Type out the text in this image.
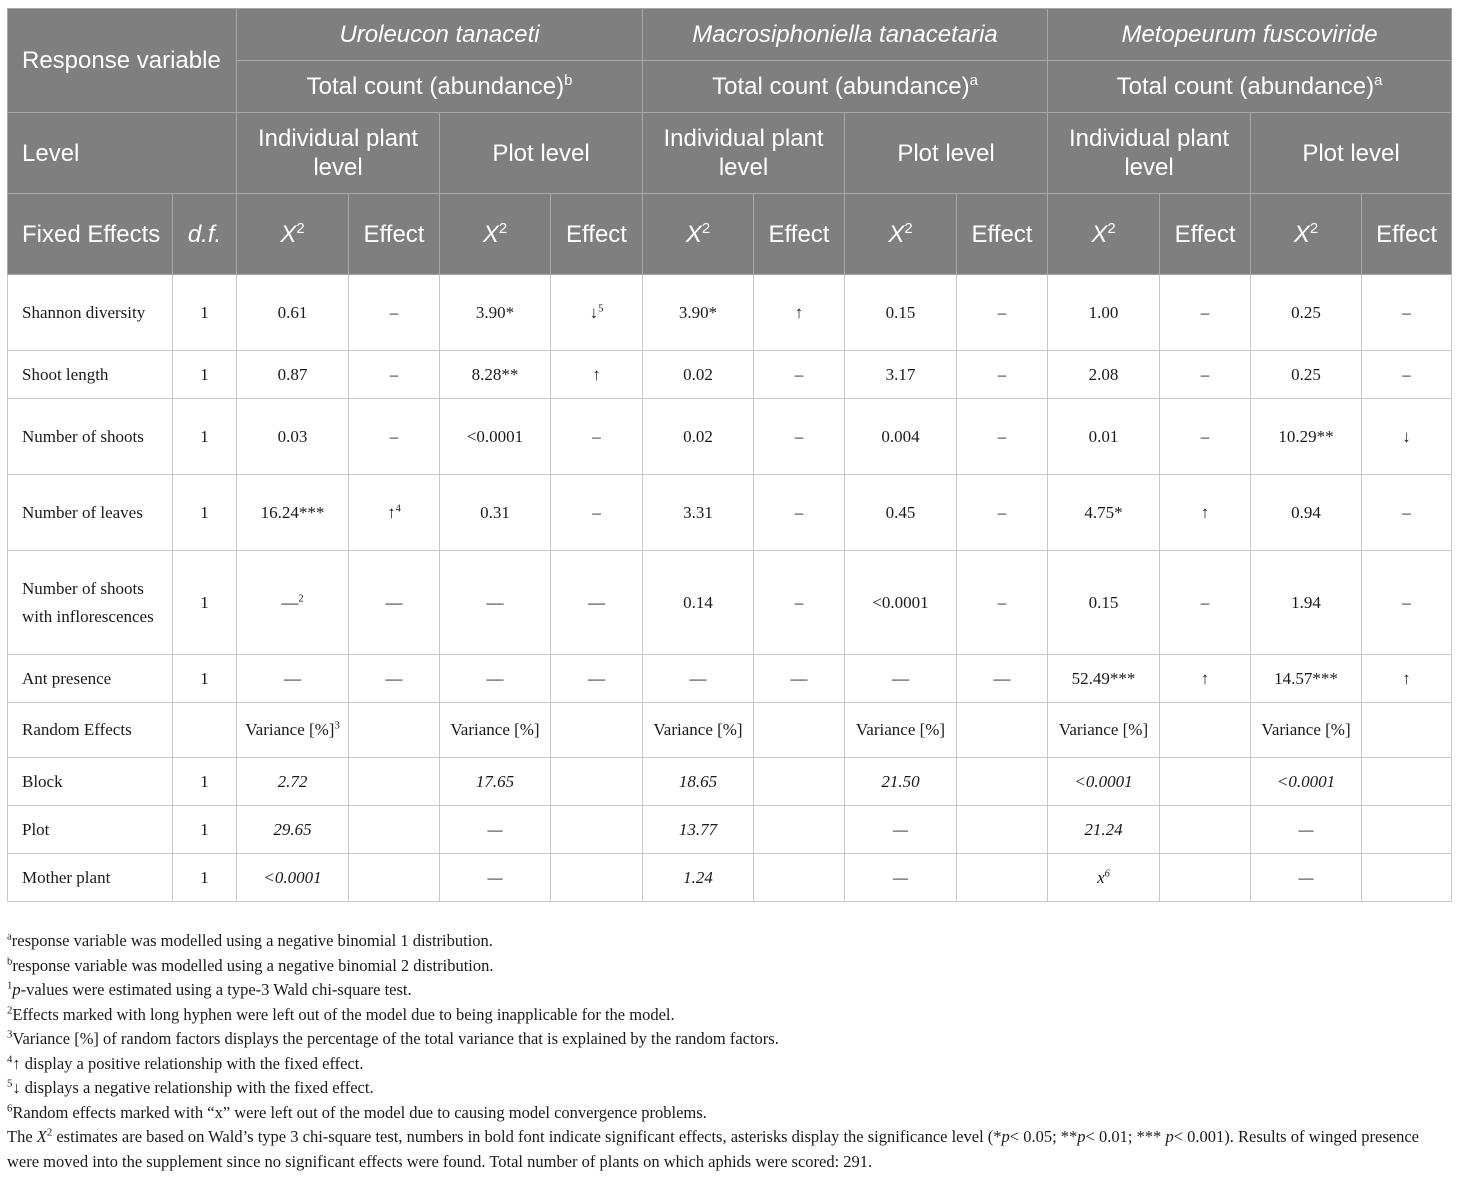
Response variable		Uroleucon tanaceti				Macrosiphoniella tanacetaria				Metopeurum fuscoviride			
		Total count (abundance)$^b$				Total count (abundance)$^a$				Total count (abundance)$^a$
Level		Individual plant level		Plot level		Individual plant level		Plot level		Individual plant level		Plot level	
Fixed Effects	d.f.	$X^2$	Effect	$X^2$	Effect	$X^2$	Effect	$X^2$	Effect	$X^2$	Effect	$X^2$	Effect
Shannon diversity	1	0.61	–	3.90*	↓$^5$	3.90*	↑	0.15	–	1.00	–	0.25	–
Shoot length	1	0.87	–	8.28**	↑	0.02	–	3.17	–	2.08	–	0.25	–
Number of shoots	1	0.03	–	<0.0001	–	0.02	–	0.004	–	0.01	–	10.29**	↓
Number of leaves	1	16.24***	↑$^4$	0.31	–	3.31	–	0.45	–	4.75*	↑	0.94	–
Number of shoots with inflorescences	1	—$^2$	—	—	—	0.14	–	<0.0001	–	0.15	–	1.94	–
Ant presence	1	—	—	—	—	—	—	—	—	52.49***	↑	14.57***	↑
Random Effects		Variance [%]$^3$		Variance [%]		Variance [%]		Variance [%]		Variance [%]		Variance [%]	
Block	1	2.72		17.65		18.65		21.50		<0.0001		<0.0001	
Plot	1	29.65		—		13.77		—		21.24		—	
Mother plant	1	<0.0001		—		1.24		—		$x^6$		—	
$^a$response variable was modelled using a negative binomial 1 distribution.
$^b$response variable was modelled using a negative binomial 2 distribution.
$^1$p-values were estimated using a type-3 Wald chi-square test.
$^2$Effects marked with long hyphen were left out of the model due to being inapplicable for the model.
$^3$Variance [%] of random factors displays the percentage of the total variance that is explained by the random factors.
$^4$↑ display a positive relationship with the fixed effect.
$^5$↓ displays a negative relationship with the fixed effect.
$^6$Random effects marked with “x” were left out of the model due to causing model convergence problems.
The $X^2$ estimates are based on Wald’s type 3 chi-square test, numbers in bold font indicate significant effects, asterisks display the significance level (*p< 0.05; **p< 0.01; *** p< 0.001). Results of winged presence were moved into the supplement since no significant effects were found. Total number of plants on which aphids were scored: 291.
